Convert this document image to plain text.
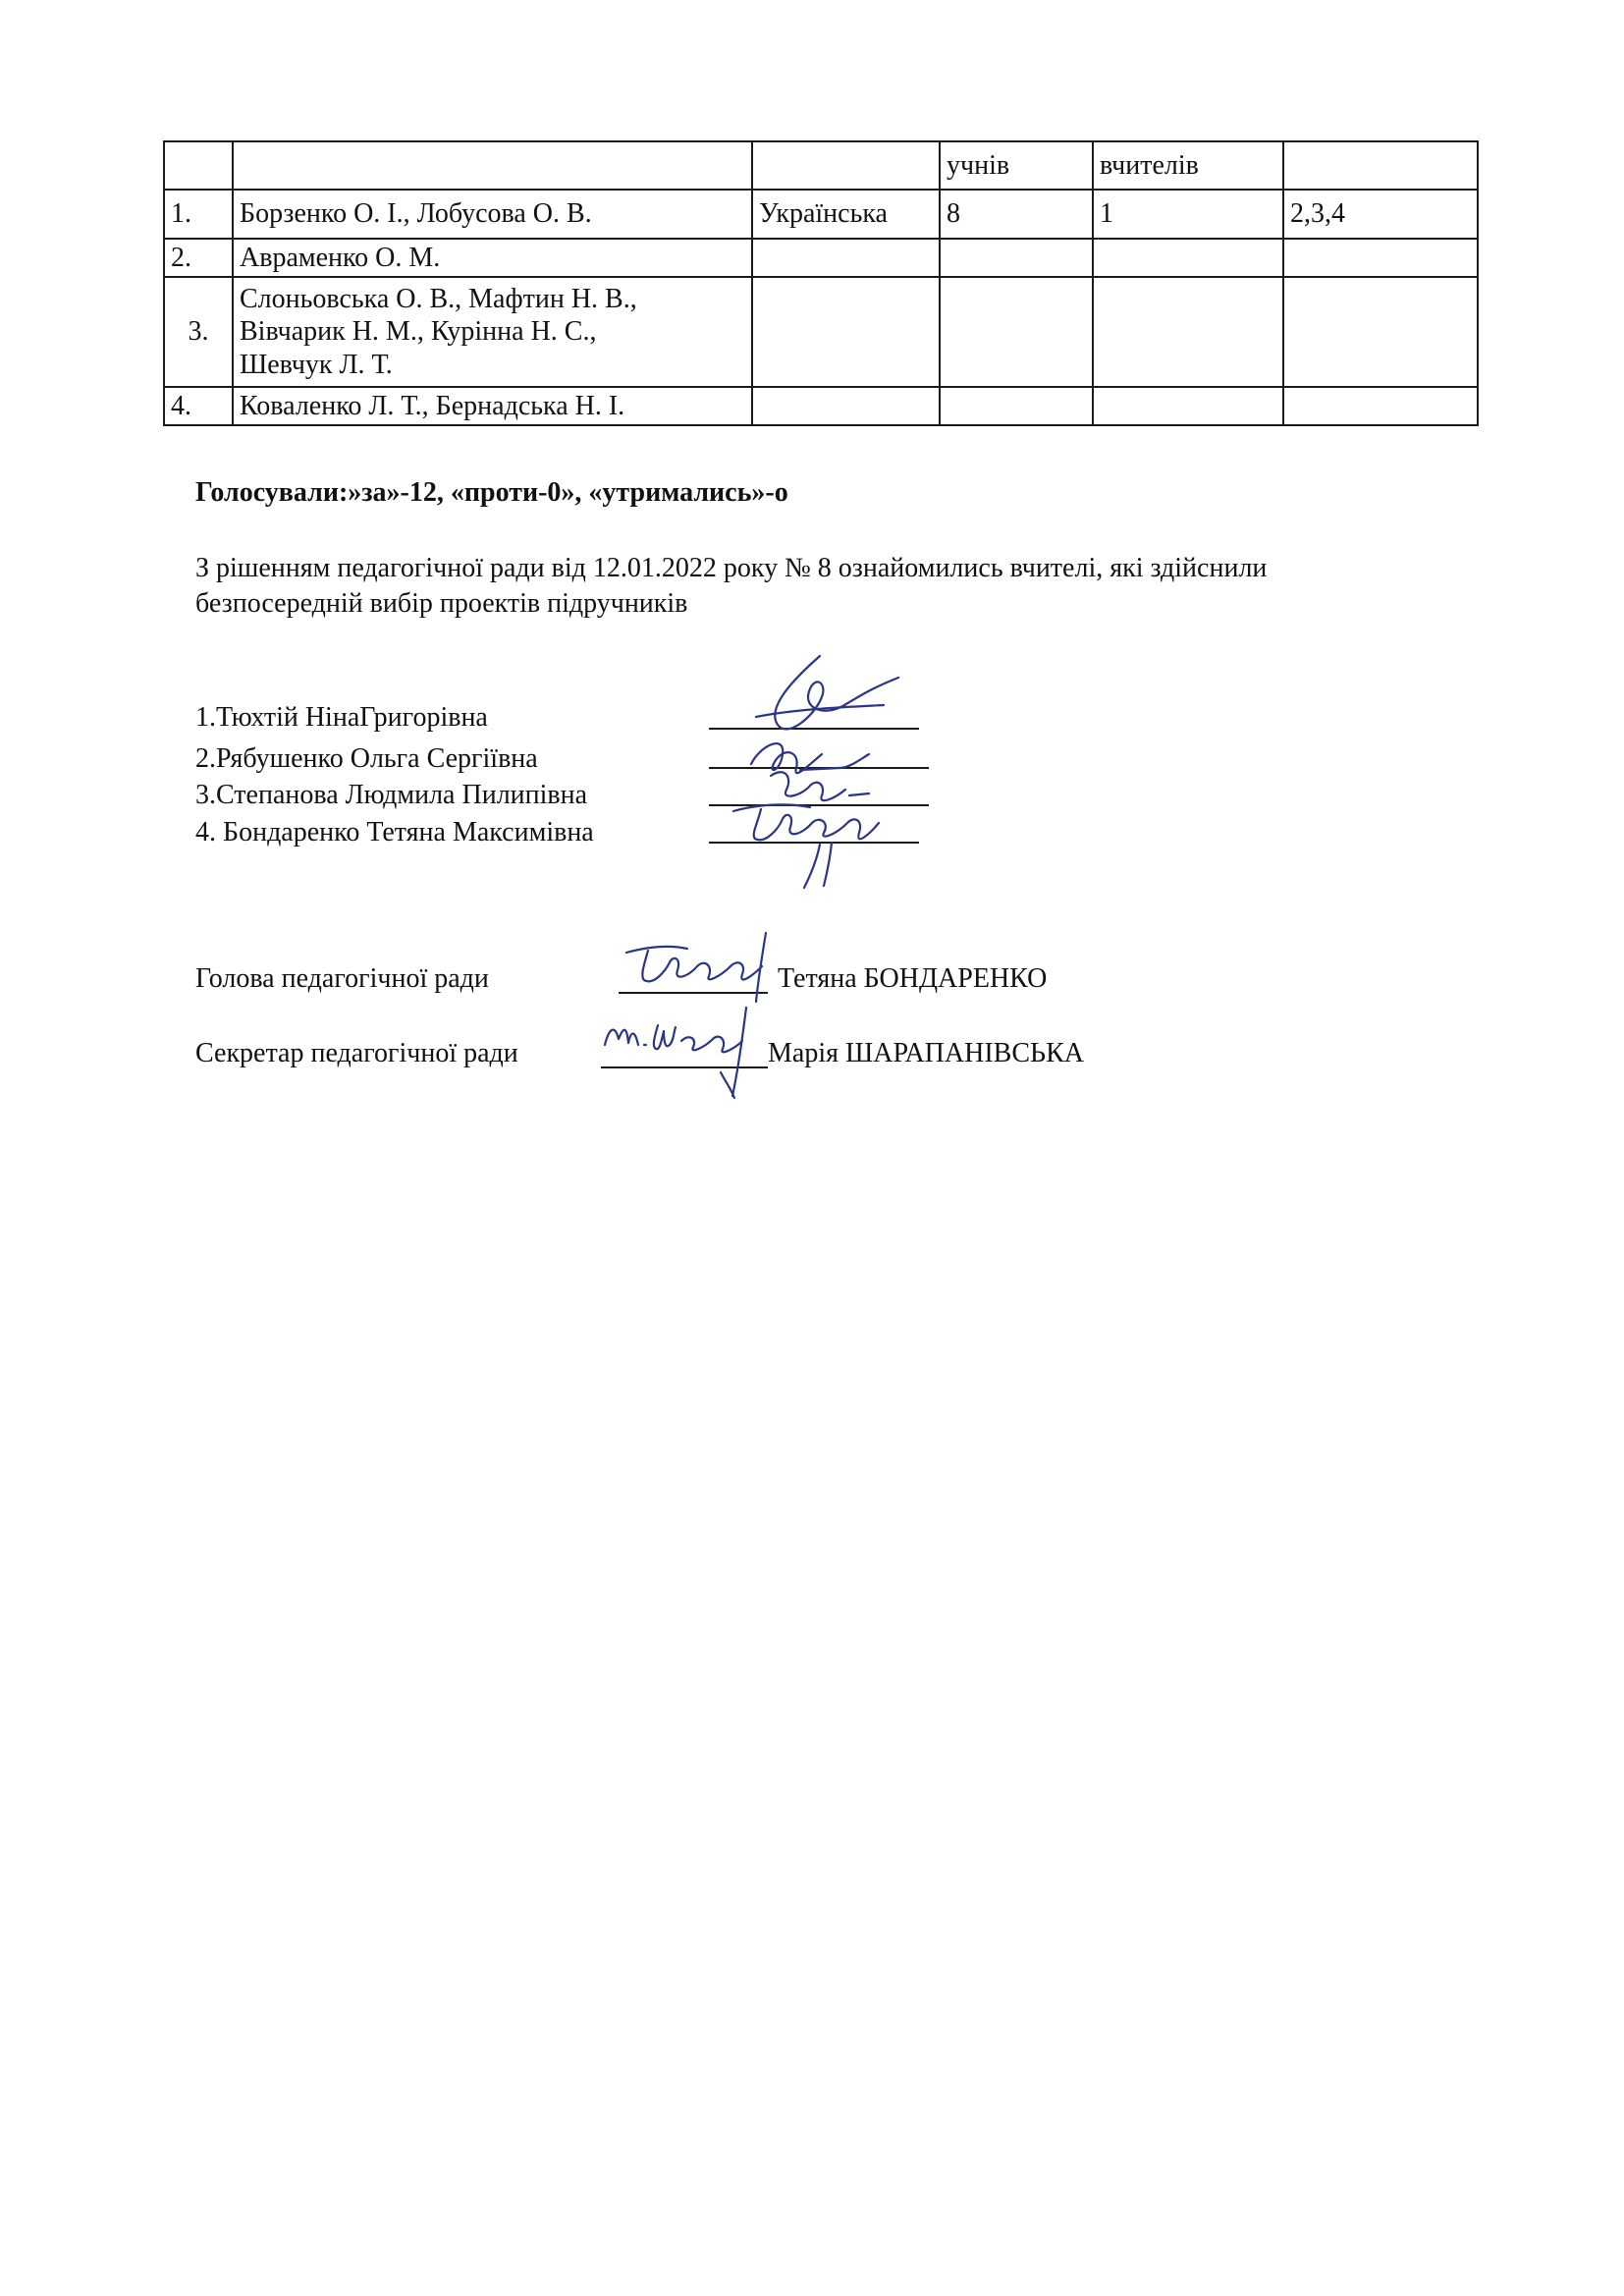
			учнів	вчителів	
1.	Борзенко О. І., Лобусова О. В.	Українська	8	1	2,3,4
2.	Авраменко О. М.				
3.	Слоньовська О. В., Мафтин Н. В.,
Вівчарик Н. М., Курінна Н. С.,
Шевчук Л. Т.				

4.	Коваленко Л. Т., Бернадська Н. І.				
Голосували:»за»-12, «проти-0», «утримались»-о
З рішенням педагогічної ради від 12.01.2022 року № 8 ознайомились вчителі, які здійснили безпосередній вибір проектів підручників
1.Тюхтій НінаГригорівна
2.Рябушенко Ольга Сергіївна
3.Степанова Людмила Пилипівна
4. Бондаренко Тетяна Максимівна
Голова педагогічної ради	Тетяна БОНДАРЕНКО
Секретар педагогічної ради	Марія ШАРАПАНІВСЬКА
